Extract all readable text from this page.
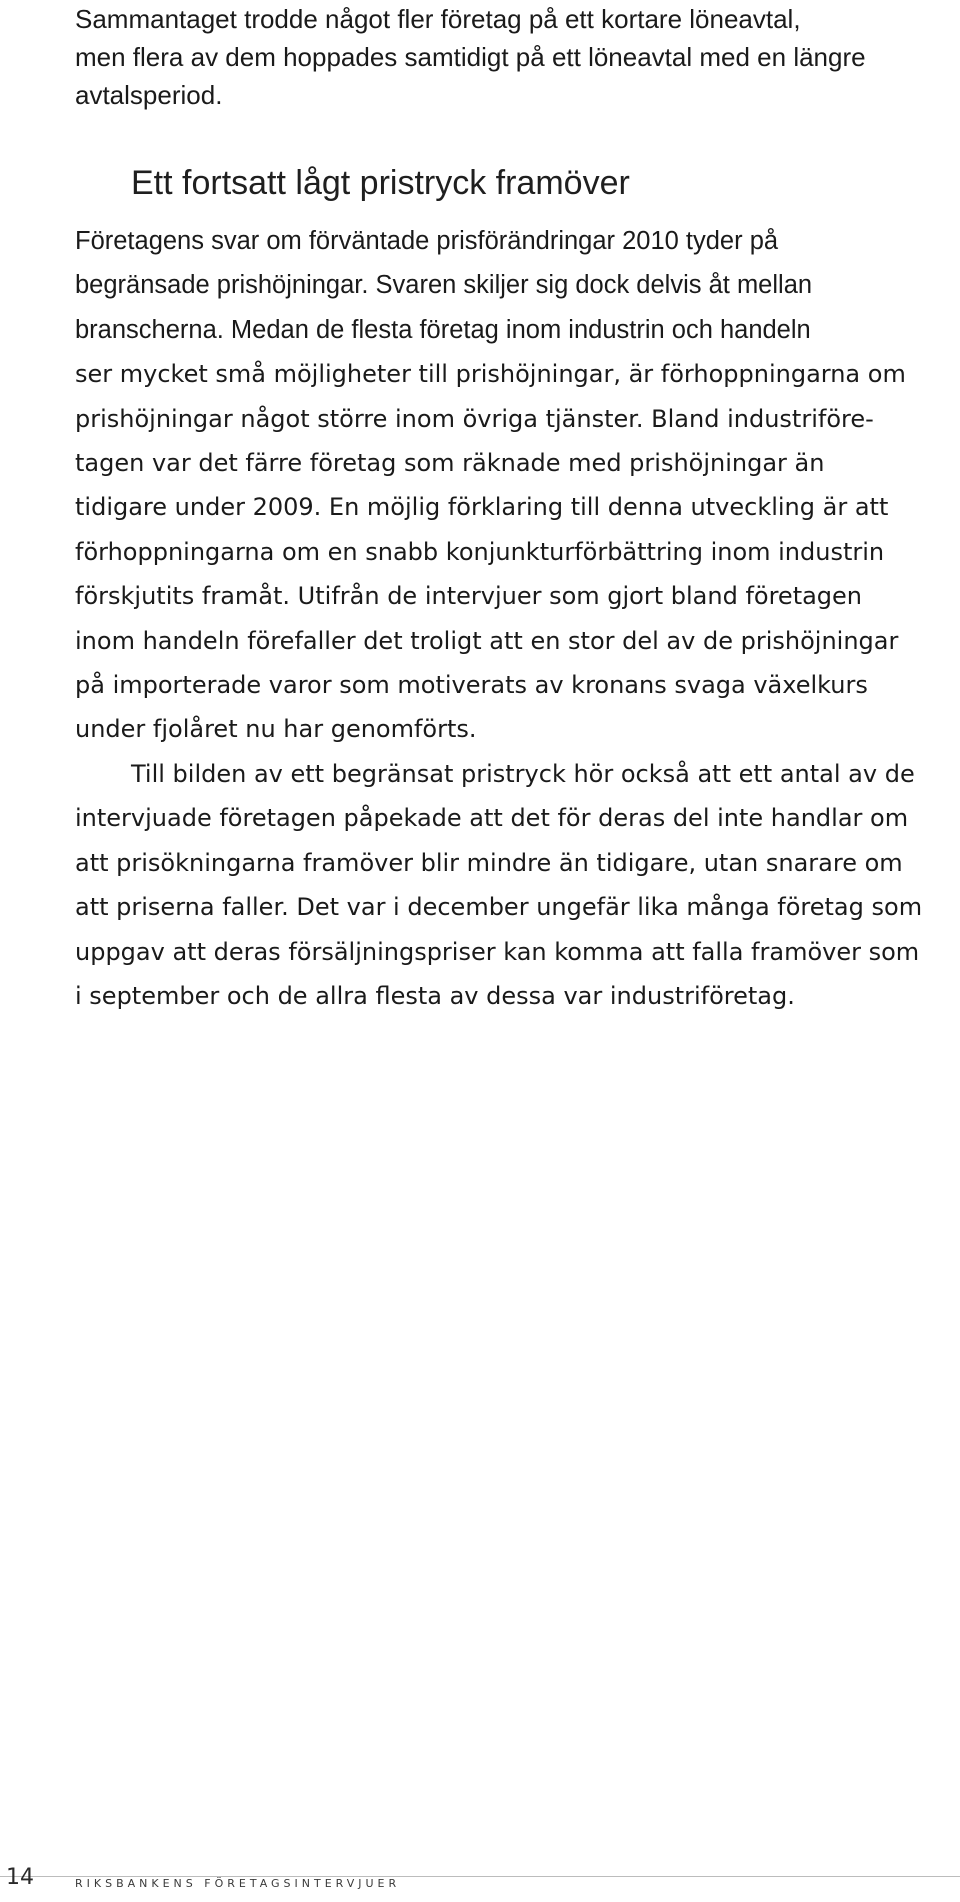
Sammantaget trodde något fler företag på ett kortare löneavtal,
men flera av dem hoppades samtidigt på ett löneavtal med en längre
avtalsperiod.
Ett fortsatt lågt pristryck framöver

Företagens svar om förväntade prisförändringar 2010 tyder på
begränsade prishöjningar. Svaren skiljer sig dock delvis åt mellan
branscherna. Medan de flesta företag inom industrin och handeln
ser mycket små möjligheter till prishöjningar, är förhoppningarna om
prishöjningar något större inom övriga tjänster. Bland industriföre-
tagen var det färre företag som räknade med prishöjningar än
tidigare under 2009. En möjlig förklaring till denna utveckling är att
förhoppningarna om en snabb konjunkturförbättring inom industrin
förskjutits framåt. Utifrån de intervjuer som gjort bland företagen
inom handeln förefaller det troligt att en stor del av de prishöjningar
på importerade varor som motiverats av kronans svaga växelkurs
under fjolåret nu har genomförts.

Till bilden av ett begränsat pristryck hör också att ett antal av de
intervjuade företagen påpekade att det för deras del inte handlar om
att prisökningarna framöver blir mindre än tidigare, utan snarare om
att priserna faller. Det var i december ungefär lika många företag som
uppgav att deras försäljningspriser kan komma att falla framöver som
i september och de allra flesta av dessa var industriföretag.

14	RIKSBANKENS FÖRETAGSINTERVJUER
